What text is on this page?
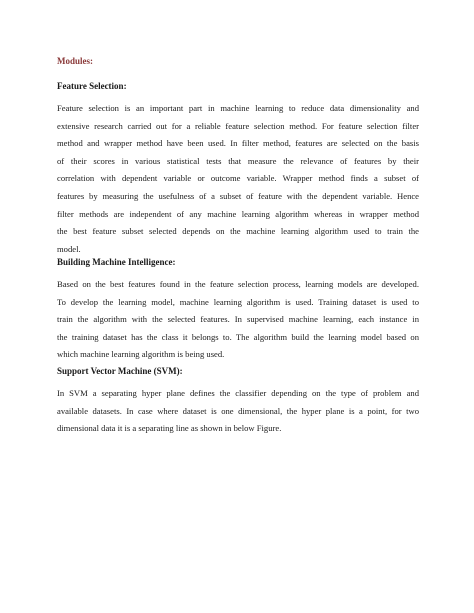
Modules:
Feature Selection:
Feature selection is an important part in machine learning to reduce data dimensionality and
extensive research carried out for a reliable feature selection method. For feature selection filter
method and wrapper method have been used. In filter method, features are selected on the basis
of their scores in various statistical tests that measure the relevance of features by their
correlation with dependent variable or outcome variable. Wrapper method finds a subset of
features by measuring the usefulness of a subset of feature with the dependent variable. Hence
filter methods are independent of any machine learning algorithm whereas in wrapper method
the best feature subset selected depends on the machine learning algorithm used to train the
model.
Building Machine Intelligence:
Based on the best features found in the feature selection process, learning models are developed.
To develop the learning model, machine learning algorithm is used. Training dataset is used to
train the algorithm with the selected features. In supervised machine learning, each instance in
the training dataset has the class it belongs to. The algorithm build the learning model based on
which machine learning algorithm is being used.
Support Vector Machine (SVM):
In SVM a separating hyper plane defines the classifier depending on the type of problem and
available datasets. In case where dataset is one dimensional, the hyper plane is a point, for two
dimensional data it is a separating line as shown in below Figure.
